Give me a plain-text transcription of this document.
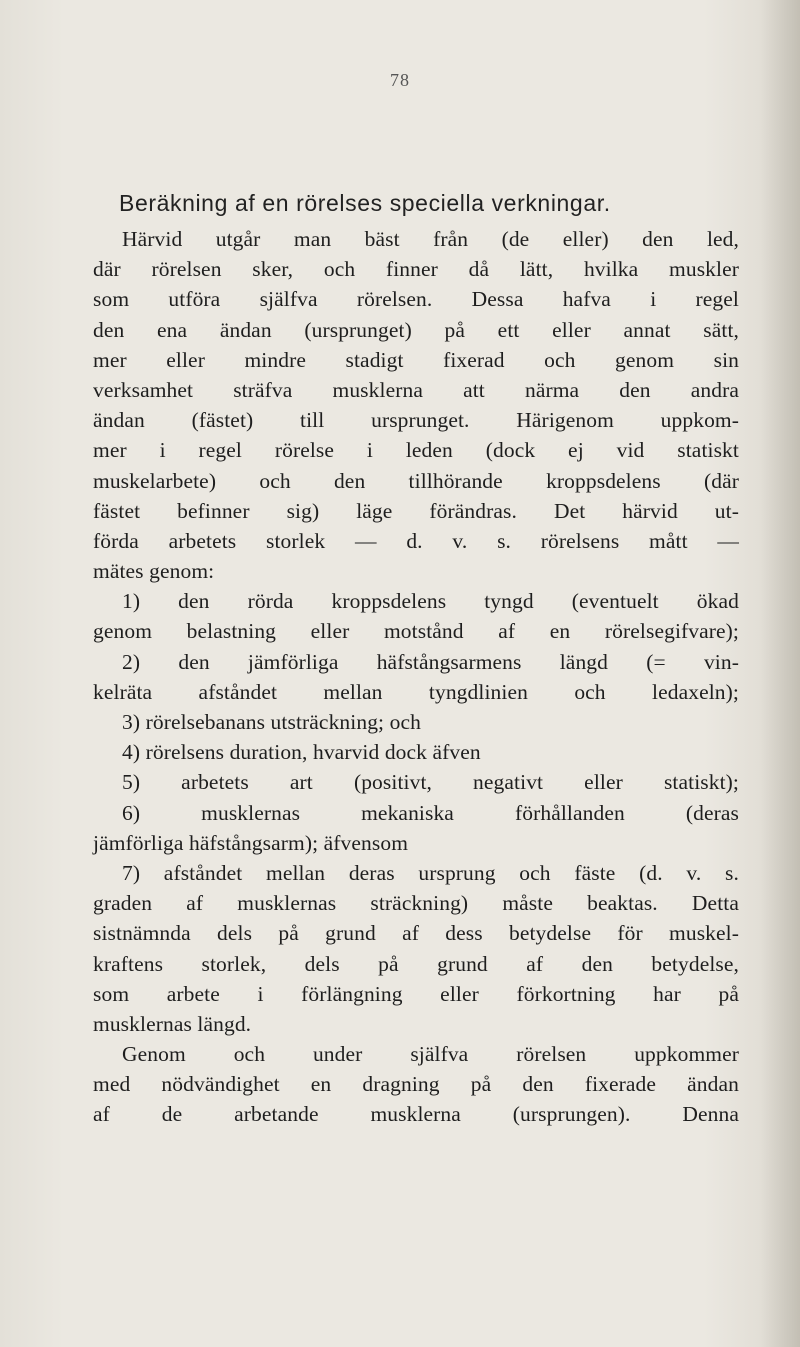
78
Beräkning af en rörelses speciella verkningar.
Härvid utgår man bäst från (de eller) den led,
där rörelsen sker, och finner då lätt, hvilka muskler
som utföra själfva rörelsen. Dessa hafva i regel
den ena ändan (ursprunget) på ett eller annat sätt,
mer eller mindre stadigt fixerad och genom sin
verksamhet sträfva musklerna att närma den andra
ändan (fästet) till ursprunget. Härigenom uppkom-
mer i regel rörelse i leden (dock ej vid statiskt
muskelarbete) och den tillhörande kroppsdelens (där
fästet befinner sig) läge förändras. Det härvid ut-
förda arbetets storlek — d. v. s. rörelsens mått —
mätes genom:
1) den rörda kroppsdelens tyngd (eventuelt ökad
genom belastning eller motstånd af en rörelsegifvare);
2) den jämförliga häfstångsarmens längd (= vin-
kelräta afståndet mellan tyngdlinien och ledaxeln);
3) rörelsebanans utsträckning; och
4) rörelsens duration, hvarvid dock äfven
5) arbetets art (positivt, negativt eller statiskt);
6) musklernas mekaniska förhållanden (deras
jämförliga häfstångsarm); äfvensom
7) afståndet mellan deras ursprung och fäste (d. v. s.
graden af musklernas sträckning) måste beaktas. Detta
sistnämnda dels på grund af dess betydelse för muskel-
kraftens storlek, dels på grund af den betydelse,
som arbete i förlängning eller förkortning har på
musklernas längd.
Genom och under själfva rörelsen uppkommer
med nödvändighet en dragning på den fixerade ändan
af de arbetande musklerna (ursprungen). Denna
